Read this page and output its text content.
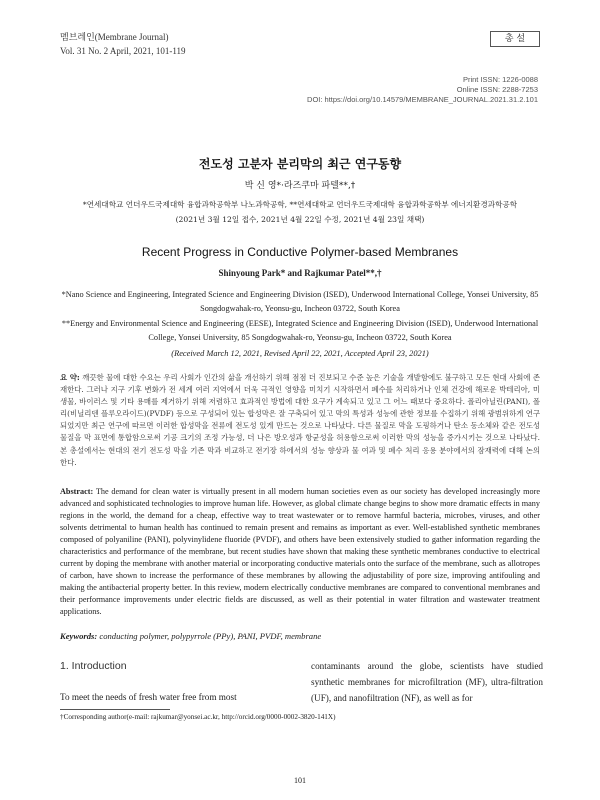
멤브레인(Membrane Journal)
Vol. 31 No. 2 April, 2021, 101-119
총 설
Print ISSN: 1226-0088
Online ISSN: 2288-7253
DOI: https://doi.org/10.14579/MEMBRANE_JOURNAL.2021.31.2.101
전도성 고분자 분리막의 최근 연구동향
박 신 영*·라즈쿠마 파텔**,†
*연세대학교 언더우드국제대학 융합과학공학부 나노과학공학, **연세대학교 언더우드국제대학 융합과학공학부 에너지환경과학공학
(2021년 3월 12일 접수, 2021년 4월 22일 수정, 2021년 4월 23일 채택)
Recent Progress in Conductive Polymer-based Membranes
Shinyoung Park* and Rajkumar Patel**,†
*Nano Science and Engineering, Integrated Science and Engineering Division (ISED), Underwood International College, Yonsei University, 85 Songdogwahak-ro, Yeonsu-gu, Incheon 03722, South Korea
**Energy and Environmental Science and Engineering (EESE), Integrated Science and Engineering Division (ISED), Underwood International College, Yonsei University, 85 Songdogwahak-ro, Yeonsu-gu, Incheon 03722, South Korea
(Received March 12, 2021, Revised April 22, 2021, Accepted April 23, 2021)
요 약: 깨끗한 물에 대한 수요는 우리 사회가 인간의 삶을 개선하기 위해 점점 더 진보되고 수준 높은 기술을 개발함에도 불구하고 모든 현대 사회에 존재한다. 그러나 지구 기후 변화가 전 세계 여러 지역에서 더욱 극적인 영향을 미치기 시작하면서 폐수를 처리하거나 인체 건강에 해로운 박테리아, 미생물, 바이러스 및 기타 용매를 제거하기 위해 저렴하고 효과적인 방법에 대한 요구가 계속되고 있고 그 어느 때보다 중요하다. 폴리아닐린(PANI), 폴리(비닐리덴 플루오라이드)(PVDF) 등으로 구성되어 있는 합성막은 잘 구축되어 있고 막의 특성과 성능에 관한 정보를 수집하기 위해 광범위하게 연구되었지만 최근 연구에 따르면 이러한 합성막을 전류에 전도성 있게 만드는 것으로 나타났다. 다른 물질로 막을 도핑하거나 탄소 동소체와 같은 전도성 물질을 막 표면에 통합함으로써 기공 크기의 조정 가능성, 더 나은 방오성과 항균성을 허용함으로써 이러한 막의 성능을 증가시키는 것으로 나타났다. 본 총설에서는 현대의 전기 전도성 막을 기존 막과 비교하고 전기장 하에서의 성능 향상과 물 여과 및 폐수 처리 응용 분야에서의 잠재력에 대해 논의한다.
Abstract: The demand for clean water is virtually present in all modern human societies even as our society has developed increasingly more advanced and sophisticated technologies to improve human life. However, as global climate change begins to show more dramatic effects in many regions in the world, the demand for a cheap, effective way to treat wastewater or to remove harmful bacteria, microbes, viruses, and other solvents detrimental to human health has continued to remain present and remains as important as ever. Well-established synthetic membranes composed of polyaniline (PANI), polyvinylidene fluoride (PVDF), and others have been extensively studied to gather information regarding the characteristics and performance of the membrane, but recent studies have shown that making these synthetic membranes conductive to electrical current by doping the membrane with another material or incorporating conductive materials onto the surface of the membrane, such as allotropes of carbon, have shown to increase the performance of these membranes by allowing the adjustability of pore size, improving antifouling and making the antibacterial property better. In this review, modern electrically conductive membranes are compared to conventional membranes and their performance improvements under electric fields are discussed, as well as their potential in water filtration and wastewater treatment applications.
Keywords: conducting polymer, polypyrrole (PPy), PANI, PVDF, membrane
1. Introduction
To meet the needs of fresh water free from most
contaminants around the globe, scientists have studied synthetic membranes for microfiltration (MF), ultra-filtration (UF), and nanofiltration (NF), as well as for
†Corresponding author(e-mail: rajkumar@yonsei.ac.kr, http://orcid.org/0000-0002-3820-141X)
101
